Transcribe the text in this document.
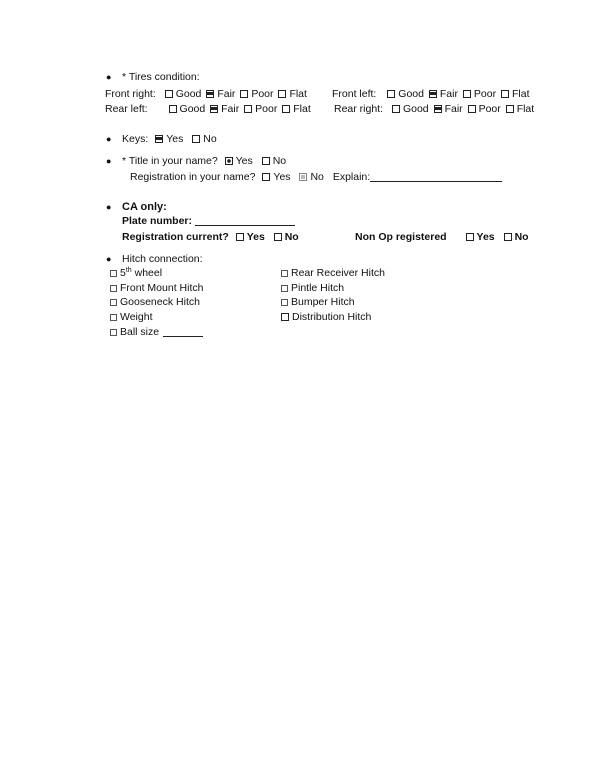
● * Tires condition:
Front right: Good Fair Poor Flat Front left: Good Fair Poor Flat
Rear left:	Good Fair Poor Flat Rear right: Good Fair Poor Flat
● Keys: Yes No
● * Title in your name? Yes No
Registration in your name? Yes No Explain:
● CA only:
Plate number:
Registration current? Yes No	Non Op registered	Yes No
● Hitch connection:
5th wheel
Front Mount Hitch
Gooseneck Hitch
Weight
Ball size
Rear Receiver Hitch
Pintle Hitch
Bumper Hitch
Distribution Hitch
